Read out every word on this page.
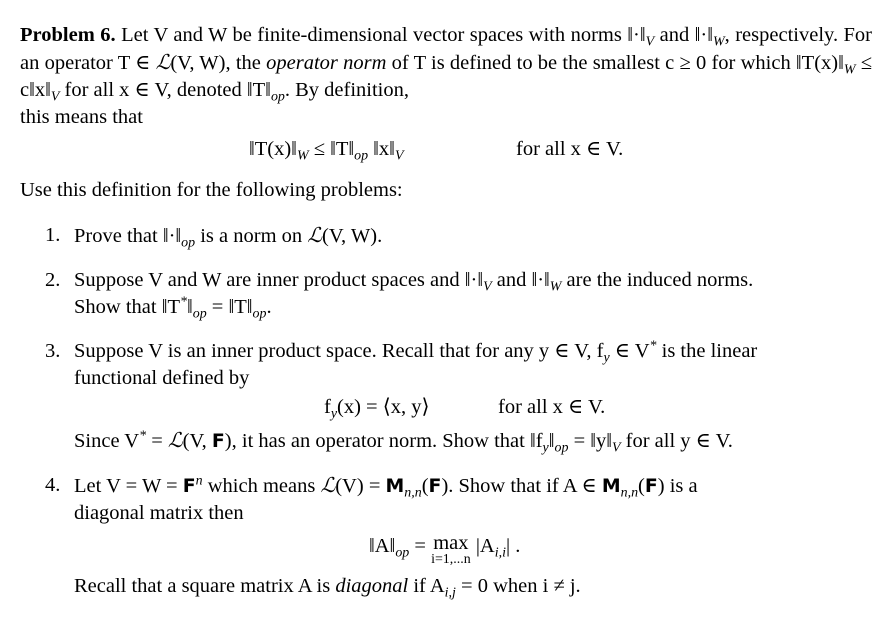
Problem 6. Let V and W be finite-dimensional vector spaces with norms $‖\cdot‖_V$ and $‖\cdot‖_W$, respectively. For an operator T ∈ ℒ(V, W), the operator norm of T is defined to be the smallest c ≥ 0 for which $‖T(x)‖_W$ ≤ $c‖x‖_V$ for all x ∈ V, denoted $‖T‖_{op}$. By definition,
this means that

$‖T(x)‖_W$ ≤ $‖T‖_{op}$ $‖x‖_V$	for all x ∈ V.

Use this definition for the following problems:

1. Prove that $‖\cdot‖_{op}$ is a norm on ℒ(V, W).

2. Suppose V and W are inner product spaces and $‖\cdot‖_V$ and $‖\cdot‖_W$ are the induced norms.
Show that $‖T^*‖_{op}$ = $‖T‖_{op}$.

3. Suppose V is an inner product space. Recall that for any y ∈ V, $f_y$ ∈ V* is the linear
functional defined by

$f_y(x)$ = ⟨x, y⟩	for all x ∈ V.

Since V* = ℒ(V, F), it has an operator norm. Show that $‖f_y‖_{op}$ = $‖y‖_V$ for all y ∈ V.

4. Let $V = W = F^n$ which means ℒ(V) = $M_{n,n}(F)$. Show that if A ∈ $M_{n,n}(F)$ is a
diagonal matrix then

$‖A‖_{op} = \max$
i=1,...n
$|A_{i,i}|$ .

Recall that a square matrix A is diagonal if $A_{i,j} = 0$ when i ≠ j.
